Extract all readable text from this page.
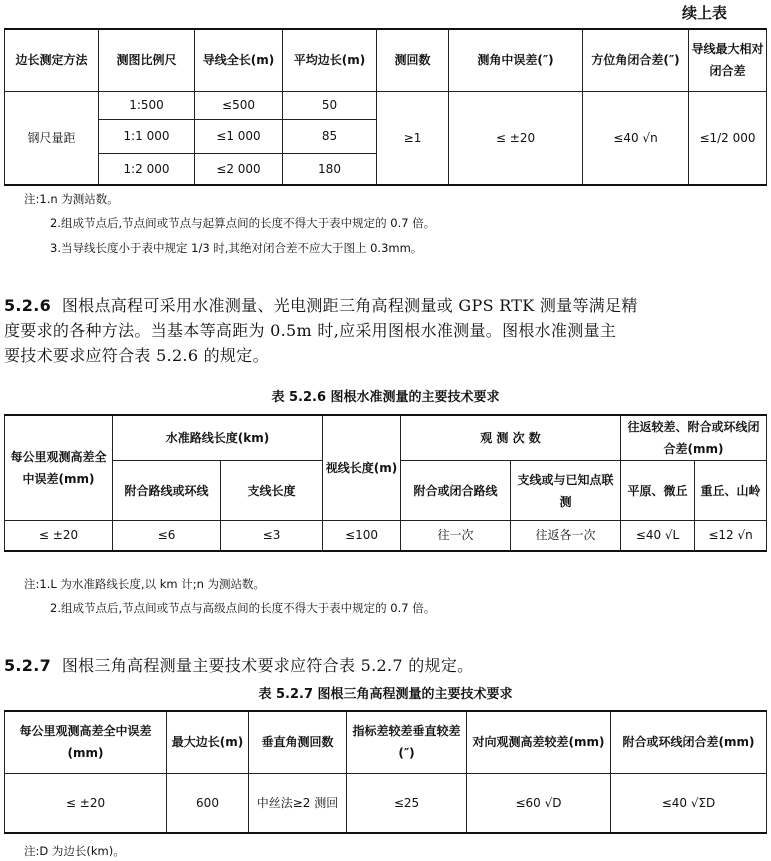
续上表
边长测定方法	测图比例尺	导线全长(m)	平均边长(m)	测回数	测角中误差(″)	方位角闭合差(″)	导线最大相对闭合差
钢尺量距	1:500	≤500	50	≥1	≤ ±20	≤40 √n	≤1/2 000
	1:1 000	≤1 000	85				
	1:2 000	≤2 000	180				
注:1.n 为测站数。
2.组成节点后,节点间或节点与起算点间的长度不得大于表中规定的 0.7 倍。
3.当导线长度小于表中规定 1/3 时,其绝对闭合差不应大于图上 0.3mm。
5.2.6 图根点高程可采用水准测量、光电测距三角高程测量或 GPS RTK 测量等满足精
度要求的各种方法。当基本等高距为 0.5m 时,应采用图根水准测量。图根水准测量主
要技术要求应符合表 5.2.6 的规定。
表 5.2.6 图根水准测量的主要技术要求
每公里观测高差全中误差(mm)	水准路线长度(km)		视线长度(m)	观 测 次 数		往返较差、附合或环线闭合差(mm)	
	附合路线或环线	支线长度		附合或闭合路线	支线或与已知点联测	平原、微丘	重丘、山岭
≤ ±20	≤6	≤3	≤100	往一次	往返各一次	≤40 √L	≤12 √n
注:1.L 为水准路线长度,以 km 计;n 为测站数。
2.组成节点后,节点间或节点与高级点间的长度不得大于表中规定的 0.7 倍。
5.2.7 图根三角高程测量主要技术要求应符合表 5.2.7 的规定。
表 5.2.7 图根三角高程测量的主要技术要求
每公里观测高差全中误差(mm)	最大边长(m)	垂直角测回数	指标差较差垂直较差(″)	对向观测高差较差(mm)	附合或环线闭合差(mm)
≤ ±20	600	中丝法≥2 测回	≤25	≤60 √D	≤40 √ΣD
注:D 为边长(km)。
